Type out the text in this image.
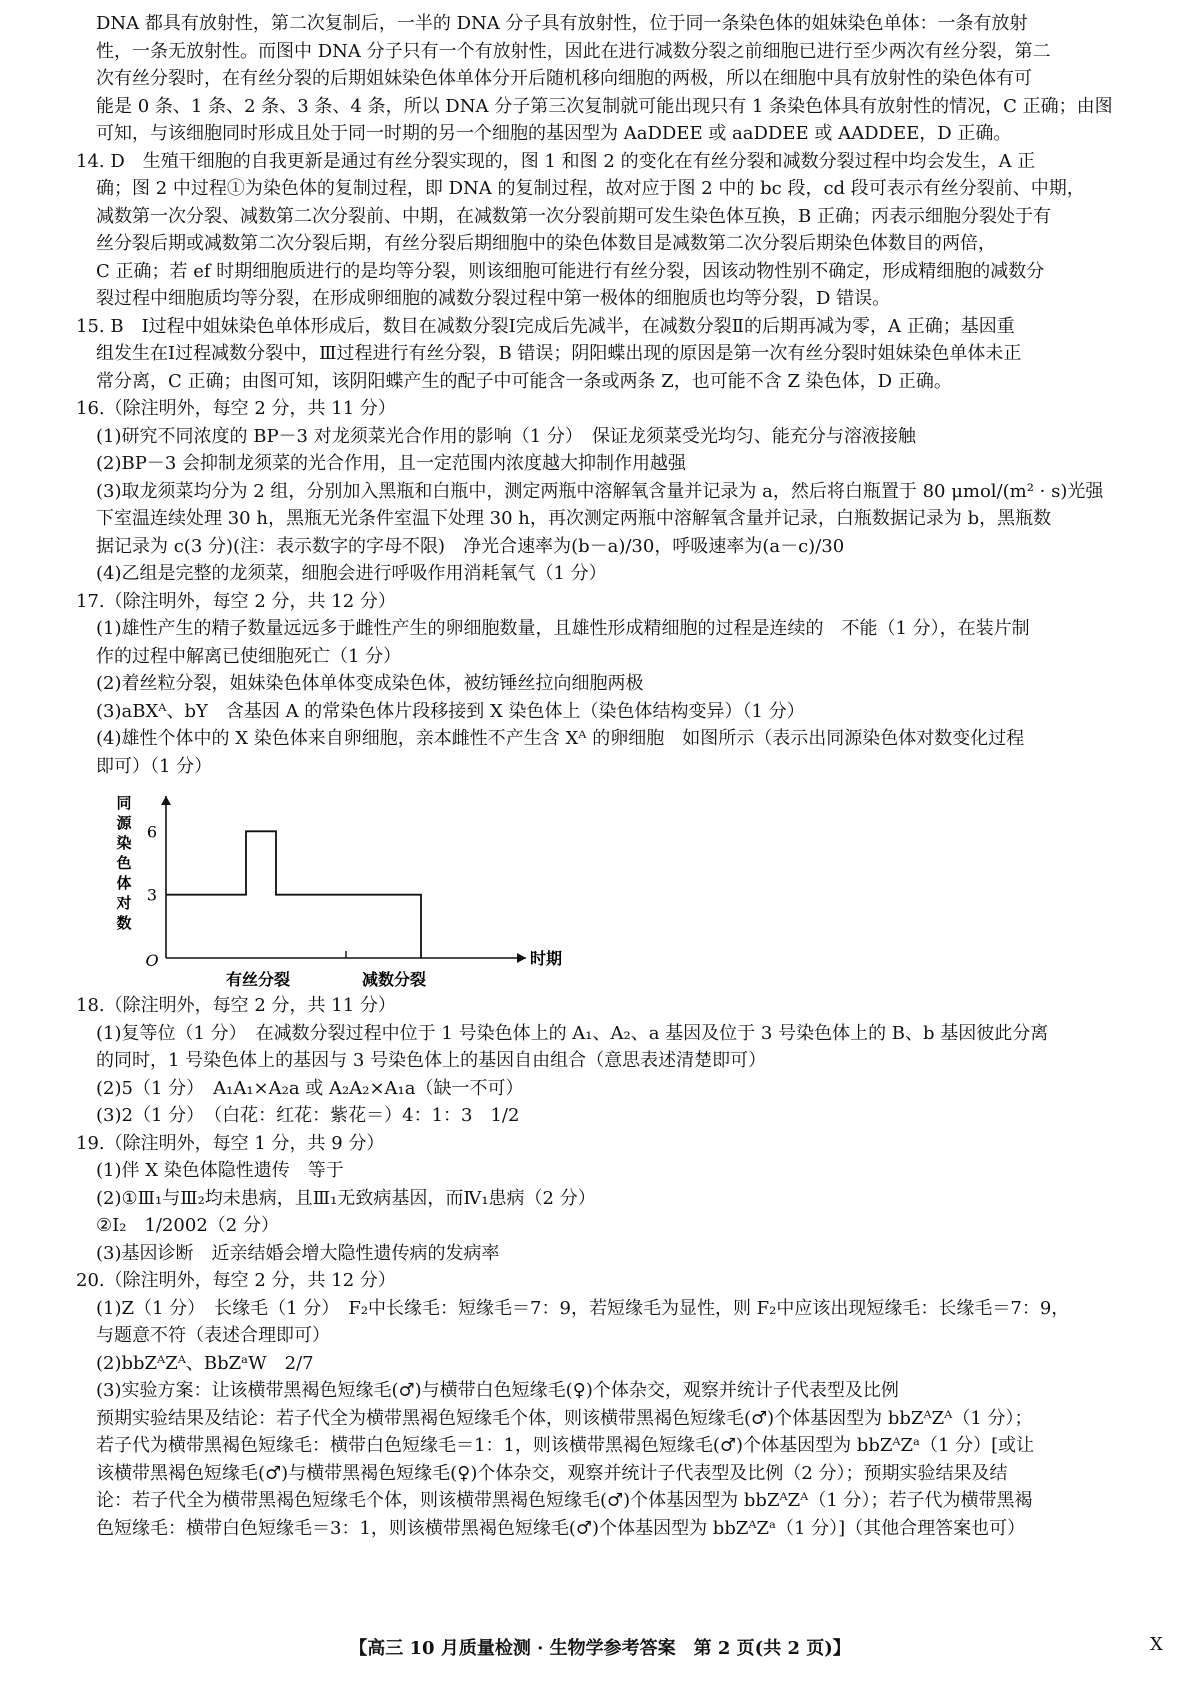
DNA 都具有放射性，第二次复制后，一半的 DNA 分子具有放射性，位于同一条染色体的姐妹染色单体：一条有放射

性，一条无放射性。而图中 DNA 分子只有一个有放射性，因此在进行减数分裂之前细胞已进行至少两次有丝分裂，第二

次有丝分裂时，在有丝分裂的后期姐妹染色体单体分开后随机移向细胞的两极，所以在细胞中具有放射性的染色体有可

能是 0 条、1 条、2 条、3 条、4 条，所以 DNA 分子第三次复制就可能出现只有 1 条染色体具有放射性的情况，C 正确；由图

可知，与该细胞同时形成且处于同一时期的另一个细胞的基因型为 AaDDEE 或 aaDDEE 或 AADDEE，D 正确。

14. D　生殖干细胞的自我更新是通过有丝分裂实现的，图 1 和图 2 的变化在有丝分裂和减数分裂过程中均会发生，A 正

确；图 2 中过程①为染色体的复制过程，即 DNA 的复制过程，故对应于图 2 中的 bc 段，cd 段可表示有丝分裂前、中期，

减数第一次分裂、减数第二次分裂前、中期，在减数第一次分裂前期可发生染色体互换，B 正确；丙表示细胞分裂处于有

丝分裂后期或减数第二次分裂后期，有丝分裂后期细胞中的染色体数目是减数第二次分裂后期染色体数目的两倍，

C 正确；若 ef 时期细胞质进行的是均等分裂，则该细胞可能进行有丝分裂，因该动物性别不确定，形成精细胞的减数分

裂过程中细胞质均等分裂，在形成卵细胞的减数分裂过程中第一极体的细胞质也均等分裂，D 错误。

15. B　Ⅰ过程中姐妹染色单体形成后，数目在减数分裂Ⅰ完成后先减半，在减数分裂Ⅱ的后期再减为零，A 正确；基因重

组发生在Ⅰ过程减数分裂中，Ⅲ过程进行有丝分裂，B 错误；阴阳蝶出现的原因是第一次有丝分裂时姐妹染色单体未正

常分离，C 正确；由图可知，该阴阳蝶产生的配子中可能含一条或两条 Z，也可能不含 Z 染色体，D 正确。

16.（除注明外，每空 2 分，共 11 分）

(1)研究不同浓度的 BP－3 对龙须菜光合作用的影响（1 分）　保证龙须菜受光均匀、能充分与溶液接触

(2)BP－3 会抑制龙须菜的光合作用，且一定范围内浓度越大抑制作用越强

(3)取龙须菜均分为 2 组，分别加入黑瓶和白瓶中，测定两瓶中溶解氧含量并记录为 a，然后将白瓶置于 80 μmol/(m² · s)光强

下室温连续处理 30 h，黑瓶无光条件室温下处理 30 h，再次测定两瓶中溶解氧含量并记录，白瓶数据记录为 b，黑瓶数

据记录为 c(3 分)(注：表示数字的字母不限)　净光合速率为(b－a)/30，呼吸速率为(a－c)/30

(4)乙组是完整的龙须菜，细胞会进行呼吸作用消耗氧气（1 分）

17.（除注明外，每空 2 分，共 12 分）

(1)雄性产生的精子数量远远多于雌性产生的卵细胞数量，且雄性形成精细胞的过程是连续的　不能（1 分），在装片制

作的过程中解离已使细胞死亡（1 分）

(2)着丝粒分裂，姐妹染色体单体变成染色体，被纺锤丝拉向细胞两极

(3)aBXᴬ、bY　含基因 A 的常染色体片段移接到 X 染色体上（染色体结构变异）（1 分）

(4)雄性个体中的 X 染色体来自卵细胞，亲本雌性不产生含 Xᴬ 的卵细胞　如图所示（表示出同源染色体对数变化过程

即可）（1 分）

同
源
染
色
体
对
数
3
6
O
有丝分裂	减数分裂
时期

18.（除注明外，每空 2 分，共 11 分）

(1)复等位（1 分）　在减数分裂过程中位于 1 号染色体上的 A₁、A₂、a 基因及位于 3 号染色体上的 B、b 基因彼此分离

的同时，1 号染色体上的基因与 3 号染色体上的基因自由组合（意思表述清楚即可）

(2)5（1 分）　A₁A₁×A₂a 或 A₂A₂×A₁a（缺一不可）

(3)2（1 分）　（白花：红花：紫花＝）4：1：3　1/2

19.（除注明外，每空 1 分，共 9 分）

(1)伴 X 染色体隐性遗传　等于

(2)①Ⅲ₁与Ⅲ₂均未患病，且Ⅲ₁无致病基因，而Ⅳ₁患病（2 分）

②Ⅰ₂　1/2002（2 分）

(3)基因诊断　近亲结婚会增大隐性遗传病的发病率

20.（除注明外，每空 2 分，共 12 分）

(1)Z（1 分）　长缘毛（1 分）　F₂中长缘毛：短缘毛＝7：9，若短缘毛为显性，则 F₂中应该出现短缘毛：长缘毛＝7：9，

与题意不符（表述合理即可）

(2)bbZᴬZᴬ、BbZᵃW　2/7

(3)实验方案：让该横带黑褐色短缘毛(♂)与横带白色短缘毛(♀)个体杂交，观察并统计子代表型及比例

预期实验结果及结论：若子代全为横带黑褐色短缘毛个体，则该横带黑褐色短缘毛(♂)个体基因型为 bbZᴬZᴬ（1 分）；

若子代为横带黑褐色短缘毛：横带白色短缘毛＝1：1，则该横带黑褐色短缘毛(♂)个体基因型为 bbZᴬZᵃ（1 分）[或让

该横带黑褐色短缘毛(♂)与横带黑褐色短缘毛(♀)个体杂交，观察并统计子代表型及比例（2 分）；预期实验结果及结

论：若子代全为横带黑褐色短缘毛个体，则该横带黑褐色短缘毛(♂)个体基因型为 bbZᴬZᴬ（1 分）；若子代为横带黑褐

色短缘毛：横带白色短缘毛＝3：1，则该横带黑褐色短缘毛(♂)个体基因型为 bbZᴬZᵃ（1 分）]（其他合理答案也可）

【高三 10 月质量检测 · 生物学参考答案　第 2 页(共 2 页)】	X
